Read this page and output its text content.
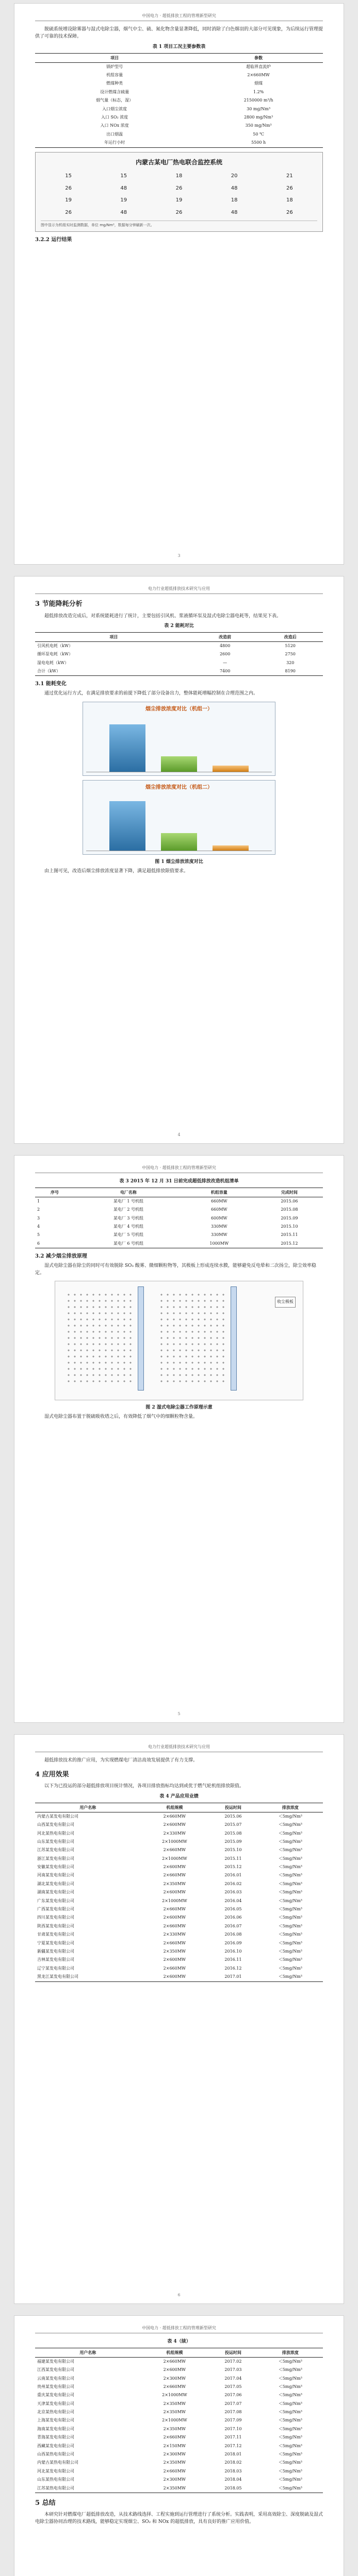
中国电力 · 超低排放工程的管理新型研究

脱硫系统增设除雾器与湿式电除尘器，烟气中尘、硫、氮化物含量显著降低，同时消除了白色烟羽的大部分可见现象，为后续运行管理提供了可靠的技术保障。

表 1 项目工况主要参数表
项目	参数
锅炉型号	超临界直流炉
机组容量	2×660MW
燃煤种类	烟煤
设计燃煤含硫量	1.2%
烟气量（标态，湿）	2150000 m³/h
入口烟尘浓度	30 mg/Nm³
入口 SO₂ 浓度	2800 mg/Nm³
入口 NOx 浓度	350 mg/Nm³
出口烟温	50 ℃
年运行小时	5500 h
内蒙古某电厂热电联合监控系统
15	15	18	20	21
26	48	26	48	26
19	19	19	18	18
26	48	26	48	26
图中显示为机组实时监测数据，单位 mg/Nm³，数据每分钟刷新一次。
3.2.2 运行结果
3
电力行业超低排放技术研究与应用
3 节能降耗分析

超低排放改造完成后，对系统能耗进行了统计，主要包括引风机、浆液循环泵及湿式电除尘器电耗等，结果见下表。

表 2 能耗对比
项目	改造前	改造后
引风机电耗（kW）	4800	5120
循环泵电耗（kW）	2600	2750
湿电电耗（kW）	—	320
合计（kW）	7400	8190
3.1 能耗变化

通过优化运行方式，在满足排放要求的前提下降低了部分设备出力，整体能耗增幅控制在合理范围之内。

烟尘排放浓度对比（机组一）
烟尘排放浓度对比（机组二）
图 1 烟尘排放浓度对比

由上图可见，改造后烟尘排放浓度显著下降，满足超低排放限值要求。

4
中国电力 · 超低排放工程的管理新型研究
表 3 2015 年 12 月 31 日前完成超低排放改造机组清单
序号	电厂名称	机组容量	完成时间
1	某电厂 1 号机组	660MW	2015.06
2	某电厂 2 号机组	660MW	2015.08
3	某电厂 3 号机组	600MW	2015.09
4	某电厂 4 号机组	330MW	2015.10
5	某电厂 5 号机组	330MW	2015.11
6	某电厂 6 号机组	1000MW	2015.12
3.2 减少烟尘排放原理

湿式电除尘器在除尘的同时可有效脱除 SO₃ 酸雾、微细颗粒物等，其极板上形成连续水膜，能够避免反电晕和二次扬尘，除尘效率稳定。

收尘极板
图 2 湿式电除尘器工作原理示意

湿式电除尘器布置于脱硫吸收塔之后，有效降低了烟气中的细颗粒物含量。

5
电力行业超低排放技术研究与应用

超低排放技术的推广应用，为实现燃煤电厂清洁高效发展提供了有力支撑。

4 应用效果

以下为已投运的部分超低排放项目统计情况，各项目排放指标均达到或优于燃气轮机组排放限值。

表 4 产品应用业绩
用户名称	机组规模	投运时间	排放浓度
内蒙古某发电有限公司	2×660MW	2015.06	＜5mg/Nm³
山西某发电有限公司	2×600MW	2015.07	＜5mg/Nm³
河北某热电有限公司	2×330MW	2015.08	＜5mg/Nm³
山东某发电有限公司	2×1000MW	2015.09	＜5mg/Nm³
江苏某发电有限公司	2×660MW	2015.10	＜5mg/Nm³
浙江某发电有限公司	2×1000MW	2015.11	＜5mg/Nm³
安徽某发电有限公司	2×600MW	2015.12	＜5mg/Nm³
河南某发电有限公司	2×660MW	2016.01	＜5mg/Nm³
湖北某发电有限公司	2×350MW	2016.02	＜5mg/Nm³
湖南某发电有限公司	2×600MW	2016.03	＜5mg/Nm³
广东某发电有限公司	2×1000MW	2016.04	＜5mg/Nm³
广西某发电有限公司	2×660MW	2016.05	＜5mg/Nm³
四川某发电有限公司	2×600MW	2016.06	＜5mg/Nm³
陕西某发电有限公司	2×660MW	2016.07	＜5mg/Nm³
甘肃某发电有限公司	2×330MW	2016.08	＜5mg/Nm³
宁夏某发电有限公司	2×660MW	2016.09	＜5mg/Nm³
新疆某发电有限公司	2×350MW	2016.10	＜5mg/Nm³
吉林某发电有限公司	2×600MW	2016.11	＜5mg/Nm³
辽宁某发电有限公司	2×660MW	2016.12	＜5mg/Nm³
黑龙江某发电有限公司	2×600MW	2017.01	＜5mg/Nm³
6
中国电力 · 超低排放工程的管理新型研究
表 4（续）
用户名称	机组规模	投运时间	排放浓度
福建某发电有限公司	2×660MW	2017.02	＜5mg/Nm³
江西某发电有限公司	2×600MW	2017.03	＜5mg/Nm³
云南某发电有限公司	2×300MW	2017.04	＜5mg/Nm³
贵州某发电有限公司	2×660MW	2017.05	＜5mg/Nm³
重庆某发电有限公司	2×1000MW	2017.06	＜5mg/Nm³
天津某发电有限公司	2×350MW	2017.07	＜5mg/Nm³
北京某热电有限公司	2×350MW	2017.08	＜5mg/Nm³
上海某发电有限公司	2×1000MW	2017.09	＜5mg/Nm³
海南某发电有限公司	2×350MW	2017.10	＜5mg/Nm³
青海某发电有限公司	2×660MW	2017.11	＜5mg/Nm³
西藏某发电有限公司	2×150MW	2017.12	＜5mg/Nm³
山西某热电有限公司	2×300MW	2018.01	＜5mg/Nm³
内蒙古某热电有限公司	2×350MW	2018.02	＜5mg/Nm³
河北某发电有限公司	2×660MW	2018.03	＜5mg/Nm³
山东某热电有限公司	2×300MW	2018.04	＜5mg/Nm³
江苏某热电有限公司	2×350MW	2018.05	＜5mg/Nm³
5 总结

本研究针对燃煤电厂超低排放改造，从技术路线选择、工程实施到运行管理进行了系统分析。实践表明，采用高效除尘、深度脱硫及湿式电除尘器协同治理的技术路线，能够稳定实现烟尘、SO₂ 和 NOx 的超低排放，具有良好的推广应用价值。
